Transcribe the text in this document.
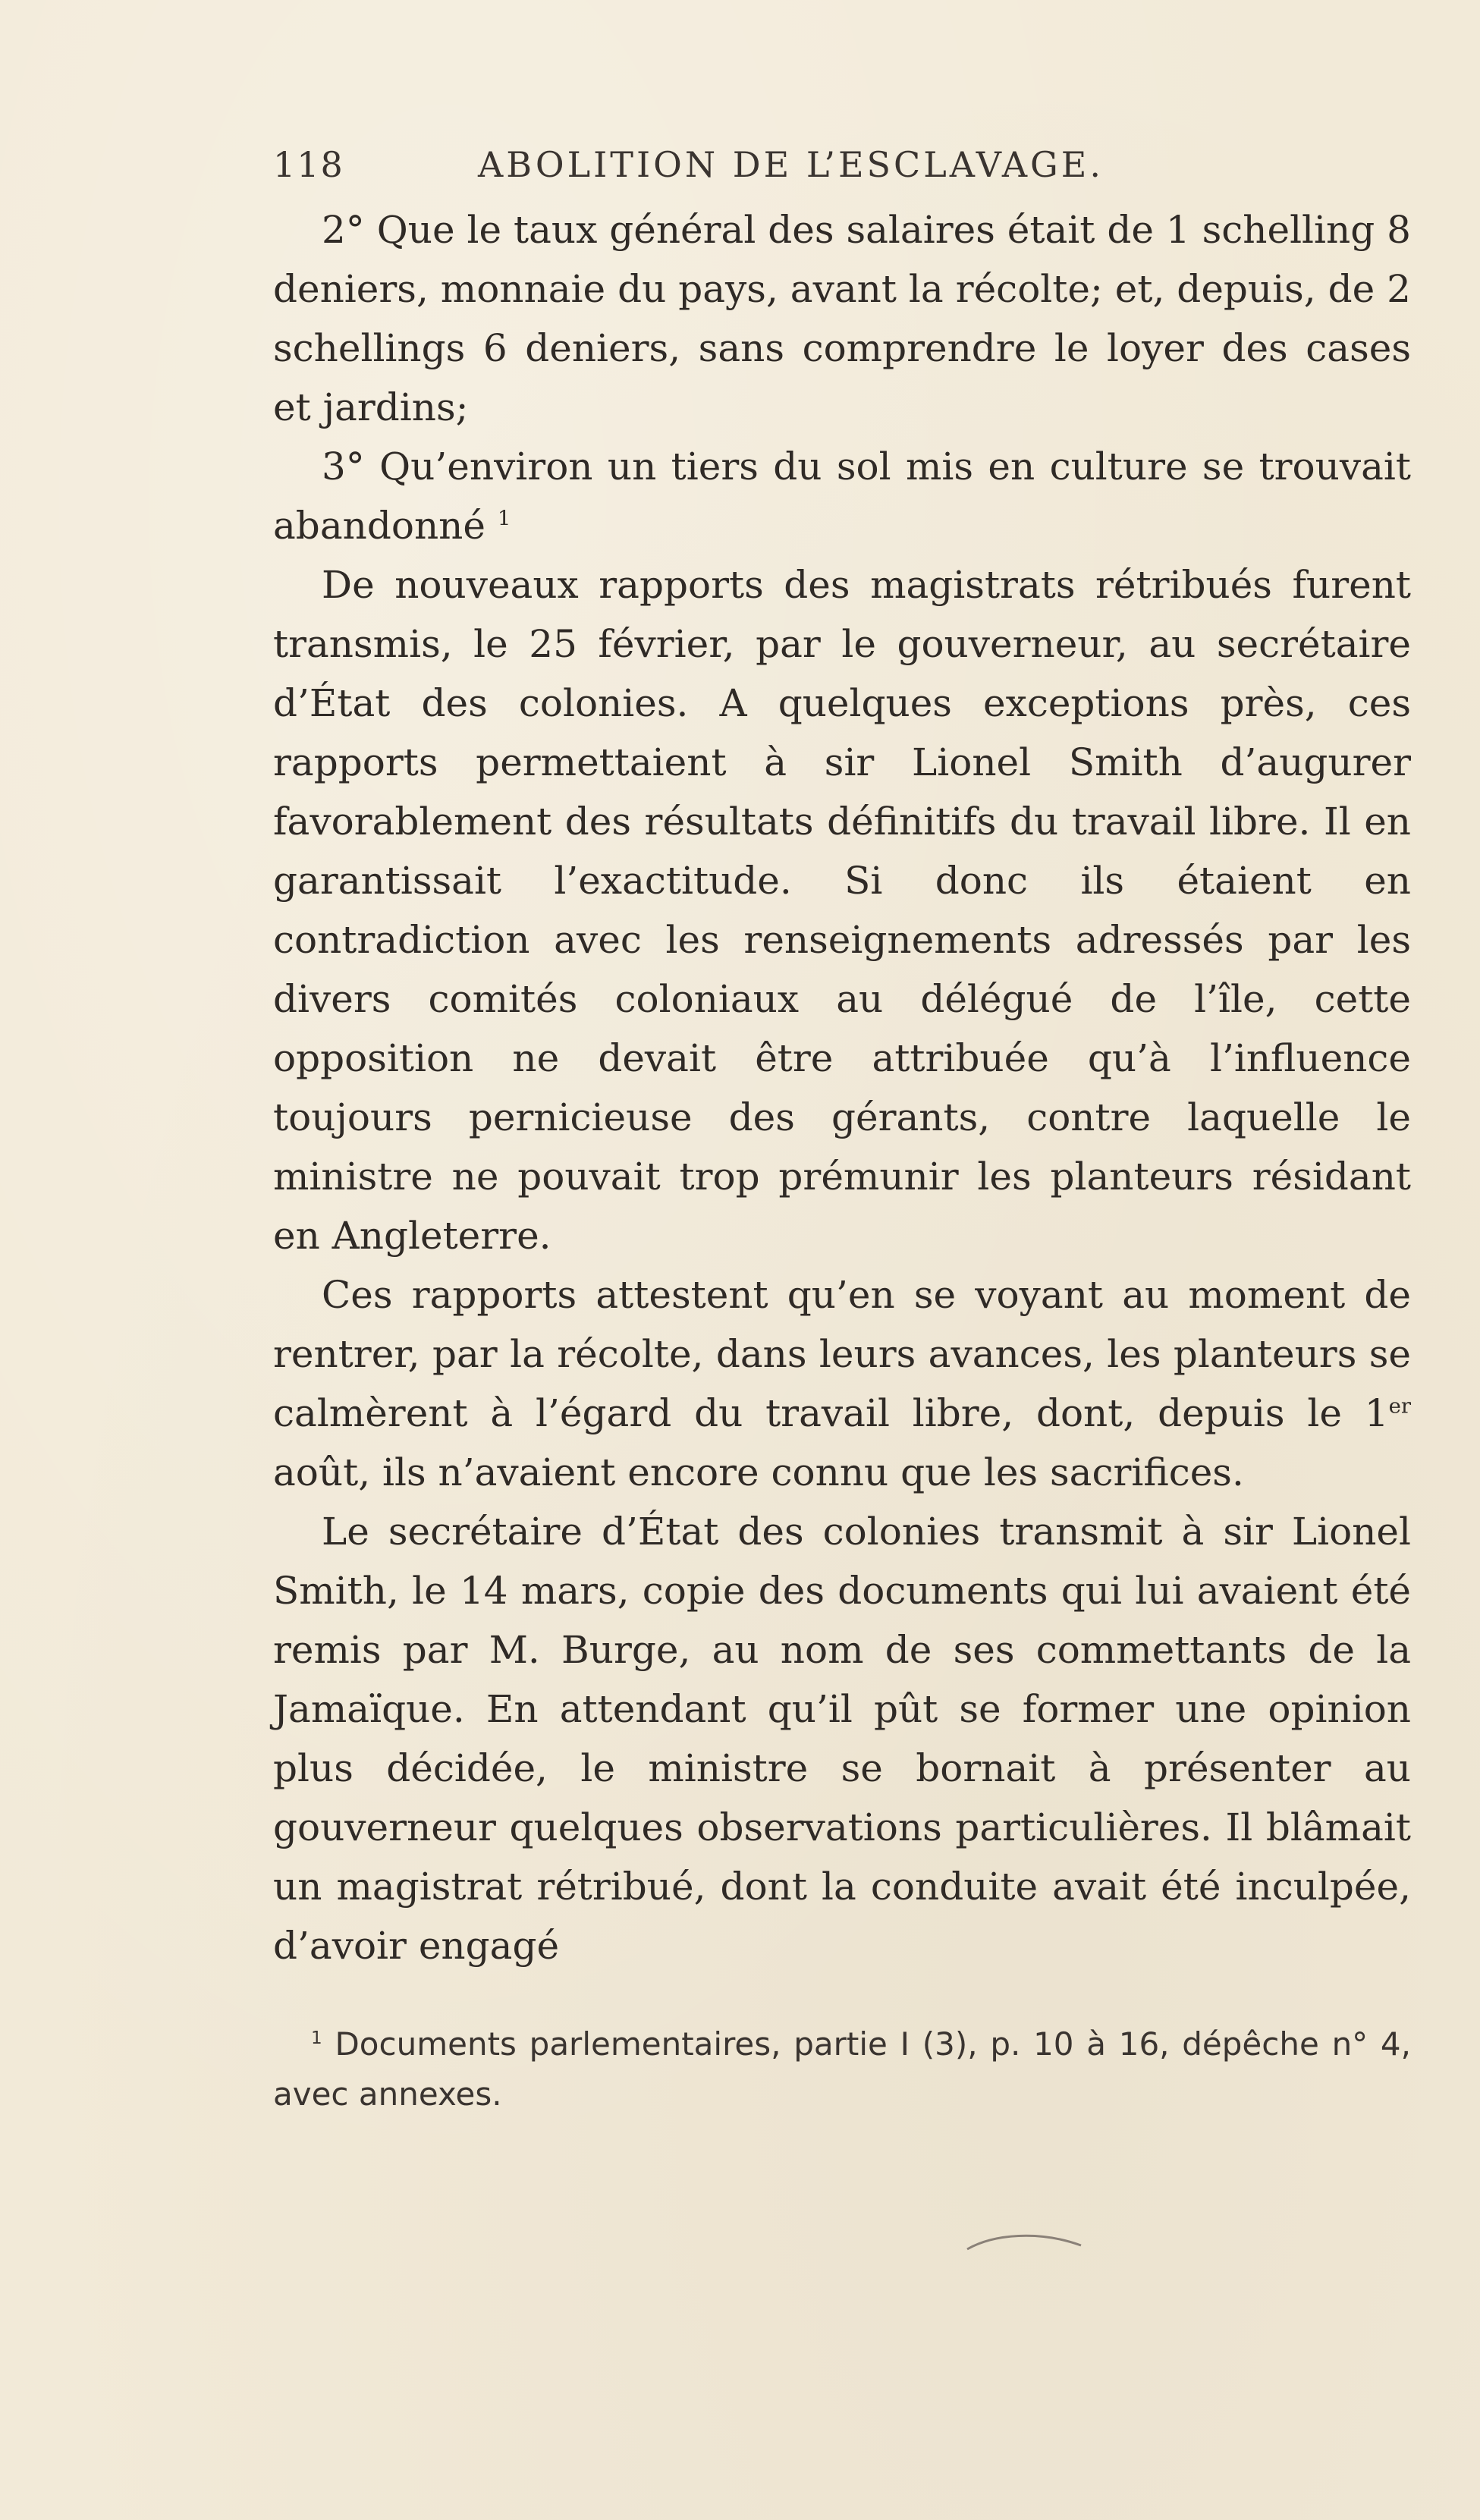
118	ABOLITION DE L’ESCLAVAGE.

2° Que le taux général des salaires était de 1 schelling 8 deniers, monnaie du pays, avant la récolte; et, depuis, de 2 schellings 6 deniers, sans comprendre le loyer des cases et jardins;

3° Qu’environ un tiers du sol mis en culture se trouvait abandonné $^1$

De nouveaux rapports des magistrats rétribués furent transmis, le 25 février, par le gouverneur, au secrétaire d’État des colonies. A quelques exceptions près, ces rapports permettaient à sir Lionel Smith d’augurer favorablement des résultats définitifs du travail libre. Il en garantissait l’exactitude. Si donc ils étaient en contradiction avec les renseignements adressés par les divers comités coloniaux au délégué de l’île, cette opposition ne devait être attribuée qu’à l’influence toujours pernicieuse des gérants, contre laquelle le ministre ne pouvait trop prémunir les planteurs résidant en Angleterre.

Ces rapports attestent qu’en se voyant au moment de rentrer, par la récolte, dans leurs avances, les planteurs se calmèrent à l’égard du travail libre, dont, depuis le 1er août, ils n’avaient encore connu que les sacrifices.

Le secrétaire d’État des colonies transmit à sir Lionel Smith, le 14 mars, copie des documents qui lui avaient été remis par M. Burge, au nom de ses commettants de la Jamaïque. En attendant qu’il pût se former une opinion plus décidée, le ministre se bornait à présenter au gouverneur quelques observations particulières. Il blâmait un magistrat rétribué, dont la conduite avait été inculpée, d’avoir engagé

$^1$ Documents parlementaires, partie I (3), p. 10 à 16, dépêche n° 4, avec annexes.
